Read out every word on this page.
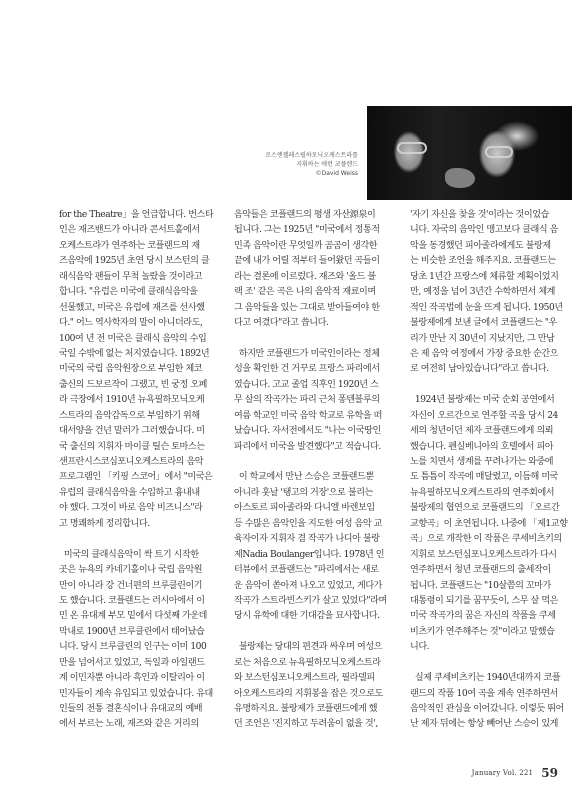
로스앤젤레스필하모닉오케스트라를
지휘하는 애런 코플랜드
©David Weiss
for the Theatre」을 언급합니다. 번스타
인은 재즈밴드가 아니라 콘서트홀에서
오케스트라가 연주하는 코플랜드의 재
즈음악에 1925년 초연 당시 보스턴의 클
래식음악 팬들이 무척 놀랐을 것이라고
합니다. "유럽은 미국에 클래식음악을
선물했고, 미국은 유럽에 재즈를 선사했
다." 어느 역사학자의 말이 아니더라도,
100여 년 전 미국은 클래식 음악의 수입
국일 수밖에 없는 처지였습니다. 1892년
미국의 국립 음악원장으로 부임한 체코
출신의 드보르작이 그랬고, 빈 궁정 오페
라 극장에서 1910년 뉴욕필하모닉오케
스트라의 음악감독으로 부임하기 위해
대서양을 건넌 말러가 그러했습니다. 미
국 출신의 지휘자 마이클 틸슨 토마스는
샌프란시스코심포니오케스트라의 음악
프로그램인 「키핑 스코어」에서 "미국은
유럽의 클래식음악을 수입하고 흉내내
야 했다. 그것이 바로 음악 비즈니스"라
고 명쾌하게 정리합니다.
미국의 클래식음악이 싹 트기 시작한
곳은 뉴욕의 카네기홀이나 국립 음악원
만이 아니라 강 건너편의 브루클린이기
도 했습니다. 코플랜드는 러시아에서 이
민 온 유대계 부모 밑에서 다섯째 가운데
막내로 1900년 브루클린에서 태어났습
니다. 당시 브루클린의 인구는 이미 100
만을 넘어서고 있었고, 독일과 아일랜드
계 이민자뿐 아니라 흑인과 이탈리아 이
민자들이 계속 유입되고 있었습니다. 유대
인들의 전통 결혼식이나 유대교의 예배
에서 부르는 노래, 재즈와 같은 거리의
음악들은 코플랜드의 평생 자산源泉이
됩니다. 그는 1925년 "미국에서 정통적
민족 음악이란 무엇일까 곰곰이 생각한
끝에 내가 어릴 적부터 들어왔던 곡들이
라는 결론에 이르렀다. 재즈와 '올드 블
랙 조' 같은 곡은 나의 음악적 재료이며
그 음악들을 있는 그대로 받아들여야 한
다고 여겼다"라고 씁니다.
하지만 코플랜드가 미국인이라는 정체
성을 확인한 건 거꾸로 프랑스 파리에서
였습니다. 고교 졸업 직후인 1920년 스
무 살의 작곡가는 파리 근처 퐁텐블루의
여름 학교인 미국 음악 학교로 유학을 떠
났습니다. 자서전에서도 "나는 이국땅인
파리에서 미국을 발견했다"고 적습니다.
이 학교에서 만난 스승은 코플랜드뿐
아니라 훗날 '탱고의 거장'으로 불리는
아스토르 피아졸라와 다니엘 바렌보임
등 수많은 음악인을 지도한 여성 음악 교
육자이자 지휘자 겸 작곡가 나디아 불랑
제Nadia Boulanger입니다. 1978년 인
터뷰에서 코플랜드는 "파리에서는 새로
운 음악이 쏟아져 나오고 있었고, 게다가
작곡가 스트라빈스키가 살고 있었다"라며
당시 유학에 대한 기대감을 묘사합니다.
불랑제는 당대의 편견과 싸우며 여성으
로는 처음으로 뉴욕필하모닉오케스트라
와 보스턴심포니오케스트라, 필라델피
아오케스트라의 지휘봉을 잡은 것으로도
유명하지요. 불랑제가 코플랜드에게 했
던 조언은 '진지하고 두려움이 없을 것',
'자기 자신을 찾을 것'이라는 것이었습
니다. 자국의 음악인 맹고보다 클래식 음
악을 동경했던 피아졸라에게도 불랑제
는 비슷한 조언을 해주지요. 코플랜드는
당초 1년간 프랑스에 체류할 계획이었지
만, 예정을 넘어 3년간 수학하면서 체계
적인 작곡법에 눈을 뜨게 됩니다. 1950년
불랑제에게 보낸 글에서 코플랜드는 "우
리가 만난 지 30년이 지났지만, 그 만남
은 제 음악 여정에서 가장 중요한 순간으
로 여전히 남아있습니다"라고 씁니다.
1924년 불랑제는 미국 순회 공연에서
자신이 오르간으로 연주할 곡을 당시 24
세의 청년이던 제자 코플랜드에게 의뢰
했습니다. 펜실베니아의 호텔에서 피아
노를 치면서 생계를 꾸려나가는 와중에
도 틈틈이 작곡에 매달렸고, 이듬해 미국
뉴욕필하모닉오케스트라의 연주회에서
불랑제의 협연으로 코플랜드의 「오르간
교향곡」이 초연됩니다. 나중에 「제1교향
곡」으로 개작한 이 작품은 쿠세비츠키의
지휘로 보스턴심포니오케스트라가 다시
연주하면서 청년 코플랜드의 출세작이
됩니다. 코플랜드는 "10살쯤의 꼬마가
대통령이 되기를 꿈꾸듯이, 스무 살 먹은
미국 작곡가의 꿈은 자신의 작품을 쿠세
비츠키가 연주해주는 것"이라고 말했습
니다.
실제 쿠세비츠키는 1940년대까지 코플
랜드의 작품 10여 곡을 계속 연주하면서
음악적인 관심을 이어갔니다. 이렇듯 뛰어
난 제자 뒤에는 항상 빼어난 스승이 있게
January Vol. 221 59
